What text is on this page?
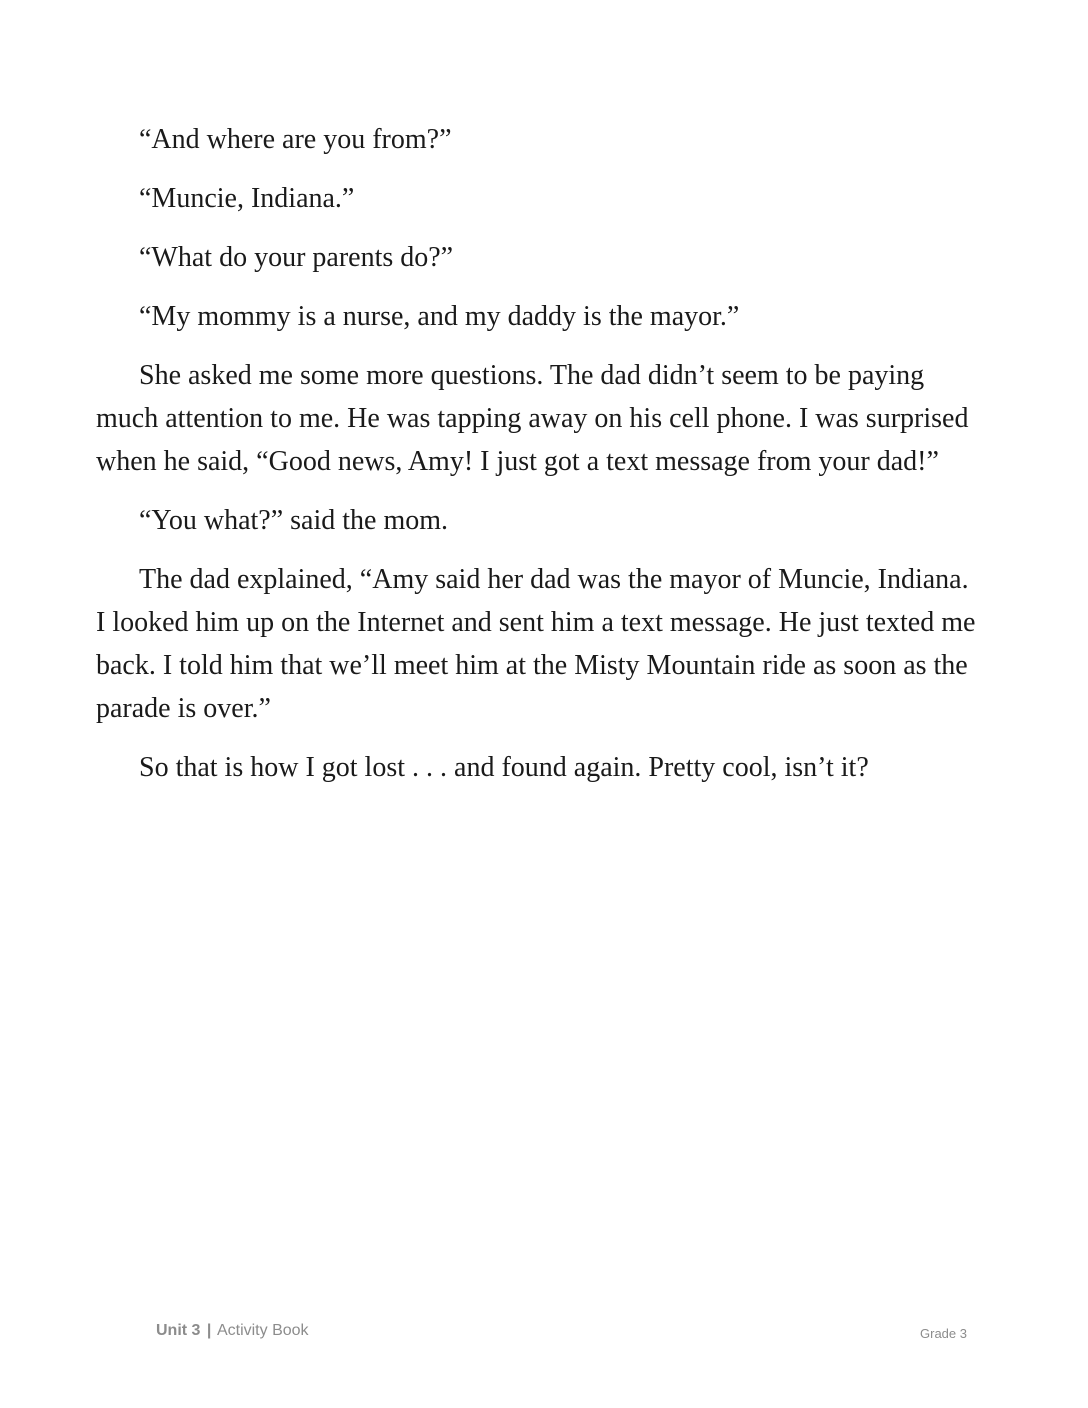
“And where are you from?”

“Muncie, Indiana.”

“What do your parents do?”

“My mommy is a nurse, and my daddy is the mayor.”

She asked me some more questions. The dad didn’t seem to be paying much attention to me. He was tapping away on his cell phone. I was surprised when he said, “Good news, Amy! I just got a text message from your dad!”

“You what?” said the mom.

The dad explained, “Amy said her dad was the mayor of Muncie, Indiana. I looked him up on the Internet and sent him a text message. He just texted me back. I told him that we’ll meet him at the Misty Mountain ride as soon as the parade is over.”

So that is how I got lost . . . and found again. Pretty cool, isn’t it?

Unit 3 | Activity Book	Grade 3
